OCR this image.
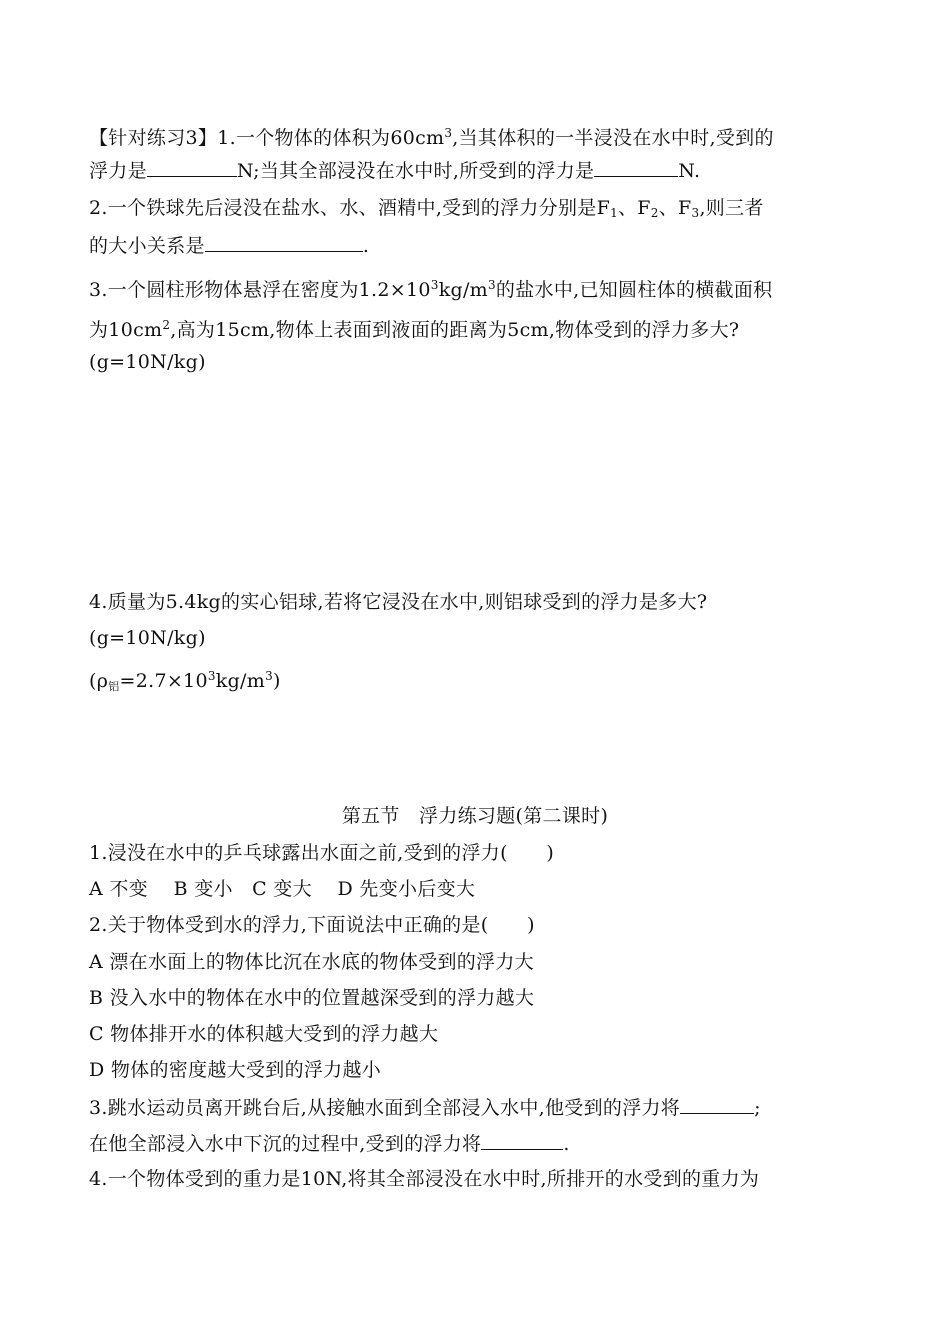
【针对练习3】1.一个物体的体积为$60cm^3$,当其体积的一半浸没在水中时,受到的
浮力是	N;当其全部浸没在水中时,所受到的浮力是	N.
2.一个铁球先后浸没在盐水、水、酒精中,受到的浮力分别是$F_1$、$F_2$、$F_3$,则三者
的大小关系是	.
3.一个圆柱形物体悬浮在密度为$1.2\times 10^3kg/m^3$的盐水中,已知圆柱体的横截面积
为$10cm^2$,高为15cm,物体上表面到液面的距离为5cm,物体受到的浮力多大?
(g=10N/kg)
4.质量为5.4kg的实心铝球,若将它浸没在水中,则铝球受到的浮力是多大?
(g=10N/kg)
(ρ铝$=2.7\times 10^3kg/m^3$)
第五节　浮力练习题(第二课时)
1.浸没在水中的乒乓球露出水面之前,受到的浮力(　　)
A 不变　 B 变小　C 变大　 D 先变小后变大
2.关于物体受到水的浮力,下面说法中正确的是(　　)
A 漂在水面上的物体比沉在水底的物体受到的浮力大
B 没入水中的物体在水中的位置越深受到的浮力越大
C 物体排开水的体积越大受到的浮力越大
D 物体的密度越大受到的浮力越小
3.跳水运动员离开跳台后,从接触水面到全部浸入水中,他受到的浮力将	;
在他全部浸入水中下沉的过程中,受到的浮力将	.
4.一个物体受到的重力是10N,将其全部浸没在水中时,所排开的水受到的重力为
